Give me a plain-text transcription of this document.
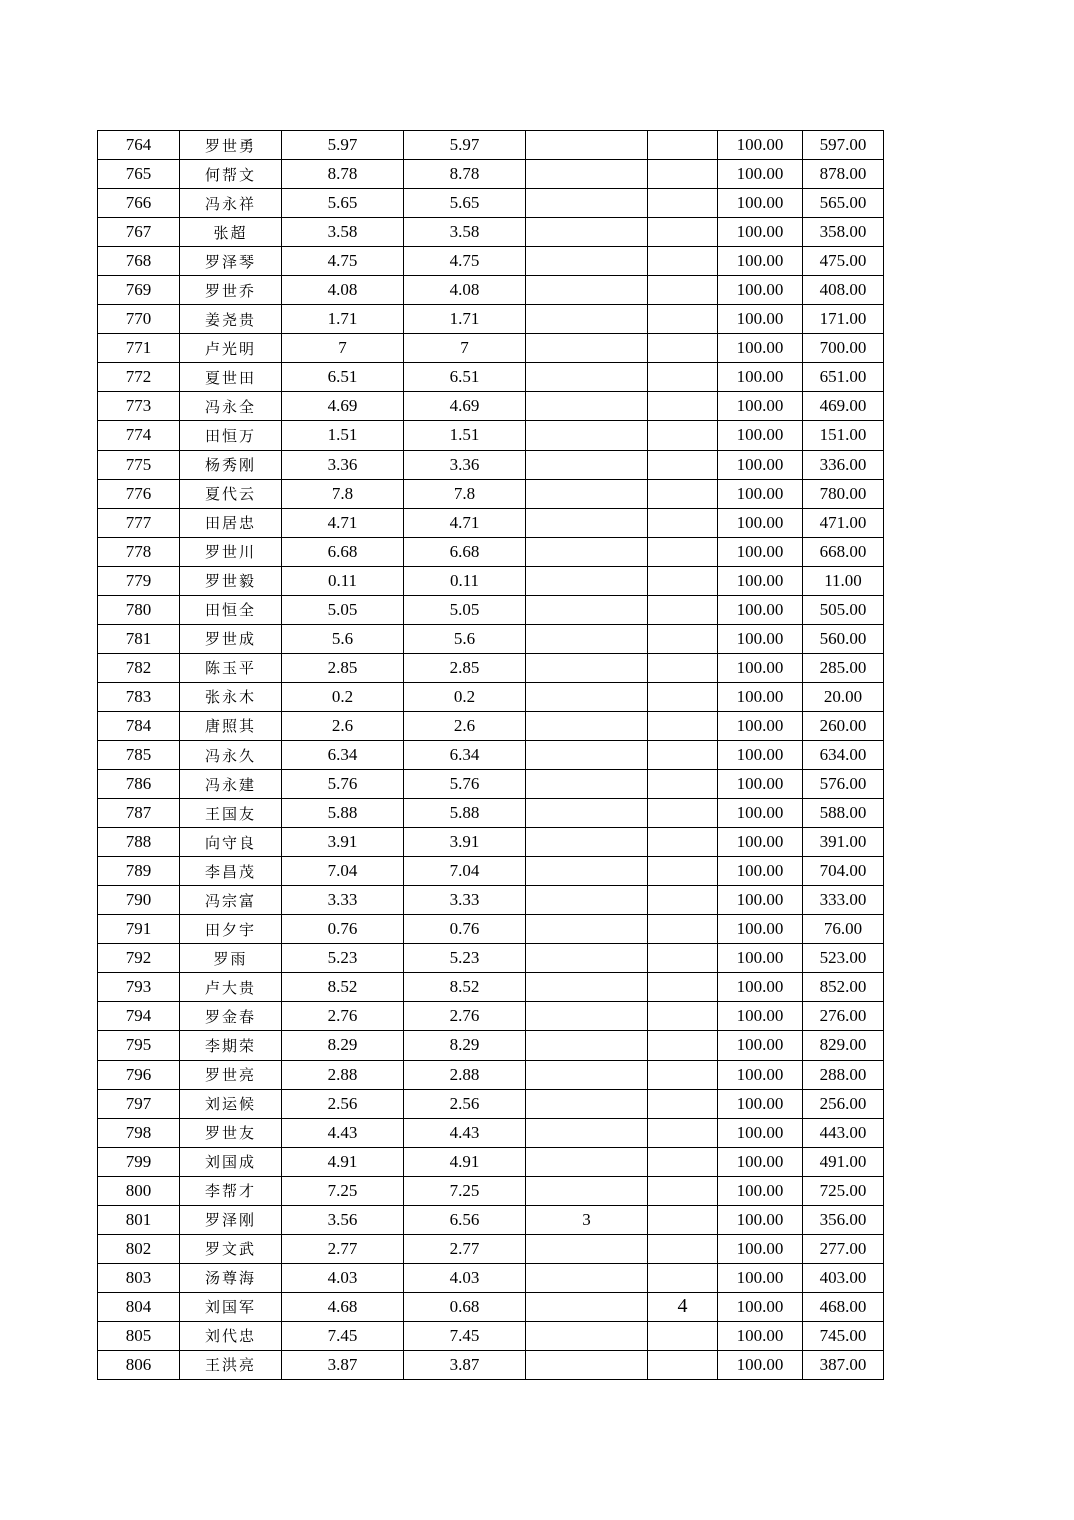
764	罗世勇	5.97	5.97			100.00	597.00
765	何帮文	8.78	8.78			100.00	878.00
766	冯永祥	5.65	5.65			100.00	565.00
767	张超	3.58	3.58			100.00	358.00
768	罗泽琴	4.75	4.75			100.00	475.00
769	罗世乔	4.08	4.08			100.00	408.00
770	姜尧贵	1.71	1.71			100.00	171.00
771	卢光明	7	7			100.00	700.00
772	夏世田	6.51	6.51			100.00	651.00
773	冯永全	4.69	4.69			100.00	469.00
774	田恒万	1.51	1.51			100.00	151.00
775	杨秀刚	3.36	3.36			100.00	336.00
776	夏代云	7.8	7.8			100.00	780.00
777	田居忠	4.71	4.71			100.00	471.00
778	罗世川	6.68	6.68			100.00	668.00
779	罗世毅	0.11	0.11			100.00	11.00
780	田恒全	5.05	5.05			100.00	505.00
781	罗世成	5.6	5.6			100.00	560.00
782	陈玉平	2.85	2.85			100.00	285.00
783	张永木	0.2	0.2			100.00	20.00
784	唐照其	2.6	2.6			100.00	260.00
785	冯永久	6.34	6.34			100.00	634.00
786	冯永建	5.76	5.76			100.00	576.00
787	王国友	5.88	5.88			100.00	588.00
788	向守良	3.91	3.91			100.00	391.00
789	李昌茂	7.04	7.04			100.00	704.00
790	冯宗富	3.33	3.33			100.00	333.00
791	田夕宇	0.76	0.76			100.00	76.00
792	罗雨	5.23	5.23			100.00	523.00
793	卢大贵	8.52	8.52			100.00	852.00
794	罗金春	2.76	2.76			100.00	276.00
795	李期荣	8.29	8.29			100.00	829.00
796	罗世亮	2.88	2.88			100.00	288.00
797	刘运候	2.56	2.56			100.00	256.00
798	罗世友	4.43	4.43			100.00	443.00
799	刘国成	4.91	4.91			100.00	491.00
800	李帮才	7.25	7.25			100.00	725.00
801	罗泽刚	3.56	6.56	3		100.00	356.00
802	罗文武	2.77	2.77			100.00	277.00
803	汤尊海	4.03	4.03			100.00	403.00
804	刘国军	4.68	0.68		4	100.00	468.00
805	刘代忠	7.45	7.45			100.00	745.00
806	王洪亮	3.87	3.87			100.00	387.00
